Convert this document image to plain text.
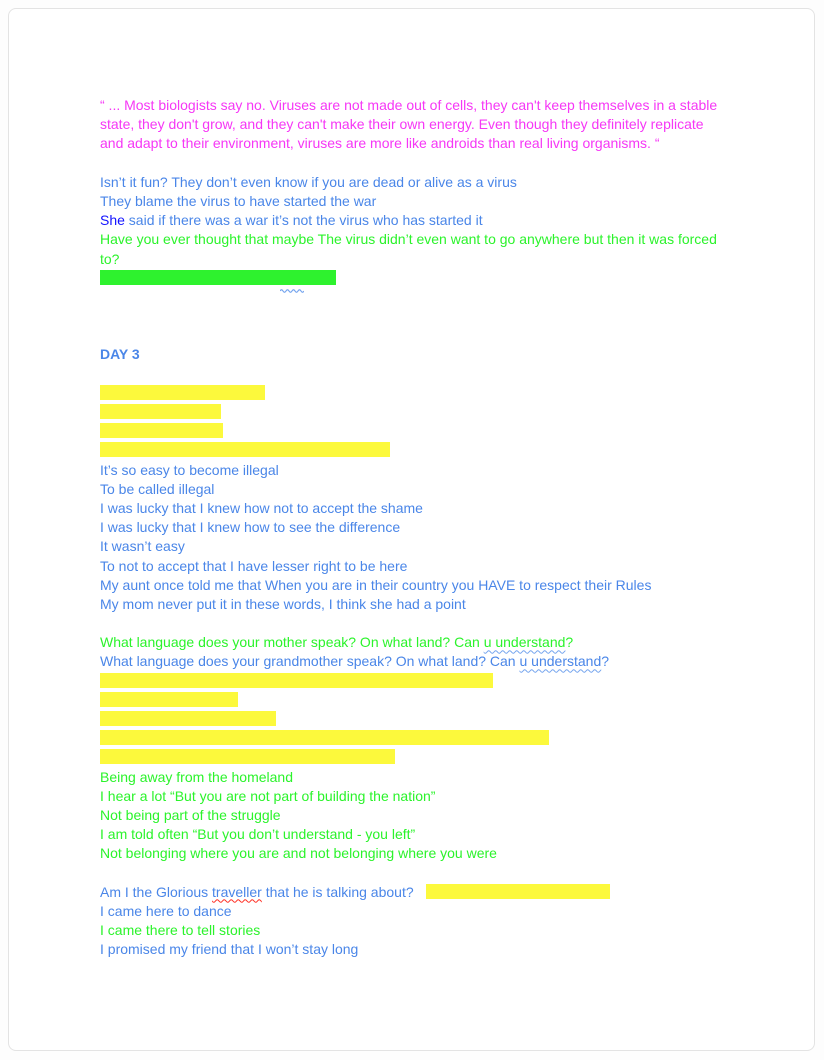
“ ... Most biologists say no. Viruses are not made out of cells, they can't keep themselves in a stable
state, they don't grow, and they can't make their own energy. Even though they definitely replicate
and adapt to their environment, viruses are more like androids than real living organisms. “
Isn’t it fun? They don’t even know if you are dead or alive as a virus
They blame the virus to have started the war
She said if there was a war it’s not the virus who has started it
Have you ever thought that maybe The virus didn’t even want to go anywhere but then it was forced
to?
DAY 3
It’s so easy to become illegal
To be called illegal
I was lucky that I knew how not to accept the shame
I was lucky that I knew how to see the difference
It wasn’t easy
To not to accept that I have lesser right to be here
My aunt once told me that When you are in their country you HAVE to respect their Rules
My mom never put it in these words, I think she had a point
What language does your mother speak? On what land? Can u understand?
What language does your grandmother speak? On what land? Can u understand?
Being away from the homeland
I hear a lot “But you are not part of building the nation”
Not being part of the struggle
I am told often “But you don’t understand - you left”
Not belonging where you are and not belonging where you were
Am I the Glorious traveller that he is talking about?
I came here to dance
I came there to tell stories
I promised my friend that I won’t stay long
